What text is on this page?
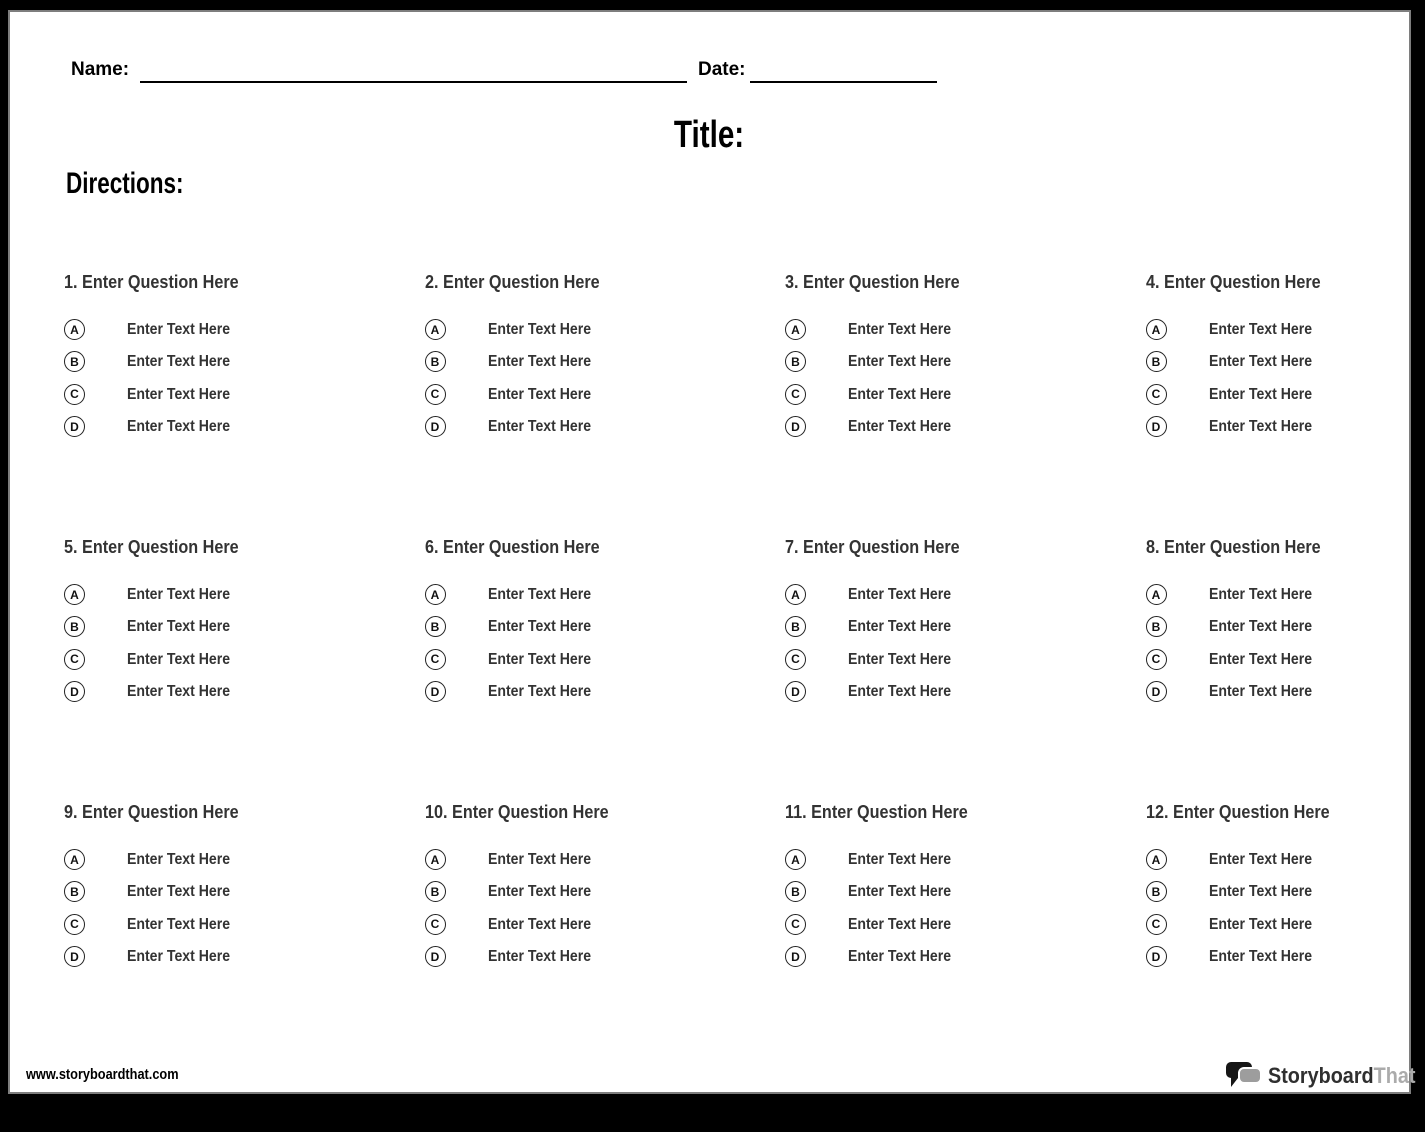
Name:	Date:
Title:
Directions:
1. Enter Question Here
A	Enter Text Here
B	Enter Text Here
C	Enter Text Here
D	Enter Text Here
2. Enter Question Here
A	Enter Text Here
B	Enter Text Here
C	Enter Text Here
D	Enter Text Here
3. Enter Question Here
A	Enter Text Here
B	Enter Text Here
C	Enter Text Here
D	Enter Text Here
4. Enter Question Here
A	Enter Text Here
B	Enter Text Here
C	Enter Text Here
D	Enter Text Here
5. Enter Question Here
A	Enter Text Here
B	Enter Text Here
C	Enter Text Here
D	Enter Text Here
6. Enter Question Here
A	Enter Text Here
B	Enter Text Here
C	Enter Text Here
D	Enter Text Here
7. Enter Question Here
A	Enter Text Here
B	Enter Text Here
C	Enter Text Here
D	Enter Text Here
8. Enter Question Here
A	Enter Text Here
B	Enter Text Here
C	Enter Text Here
D	Enter Text Here
9. Enter Question Here
A	Enter Text Here
B	Enter Text Here
C	Enter Text Here
D	Enter Text Here
10. Enter Question Here
A	Enter Text Here
B	Enter Text Here
C	Enter Text Here
D	Enter Text Here
11. Enter Question Here
A	Enter Text Here
B	Enter Text Here
C	Enter Text Here
D	Enter Text Here
12. Enter Question Here
A	Enter Text Here
B	Enter Text Here
C	Enter Text Here
D	Enter Text Here
www.storyboardthat.com	StoryboardThat
